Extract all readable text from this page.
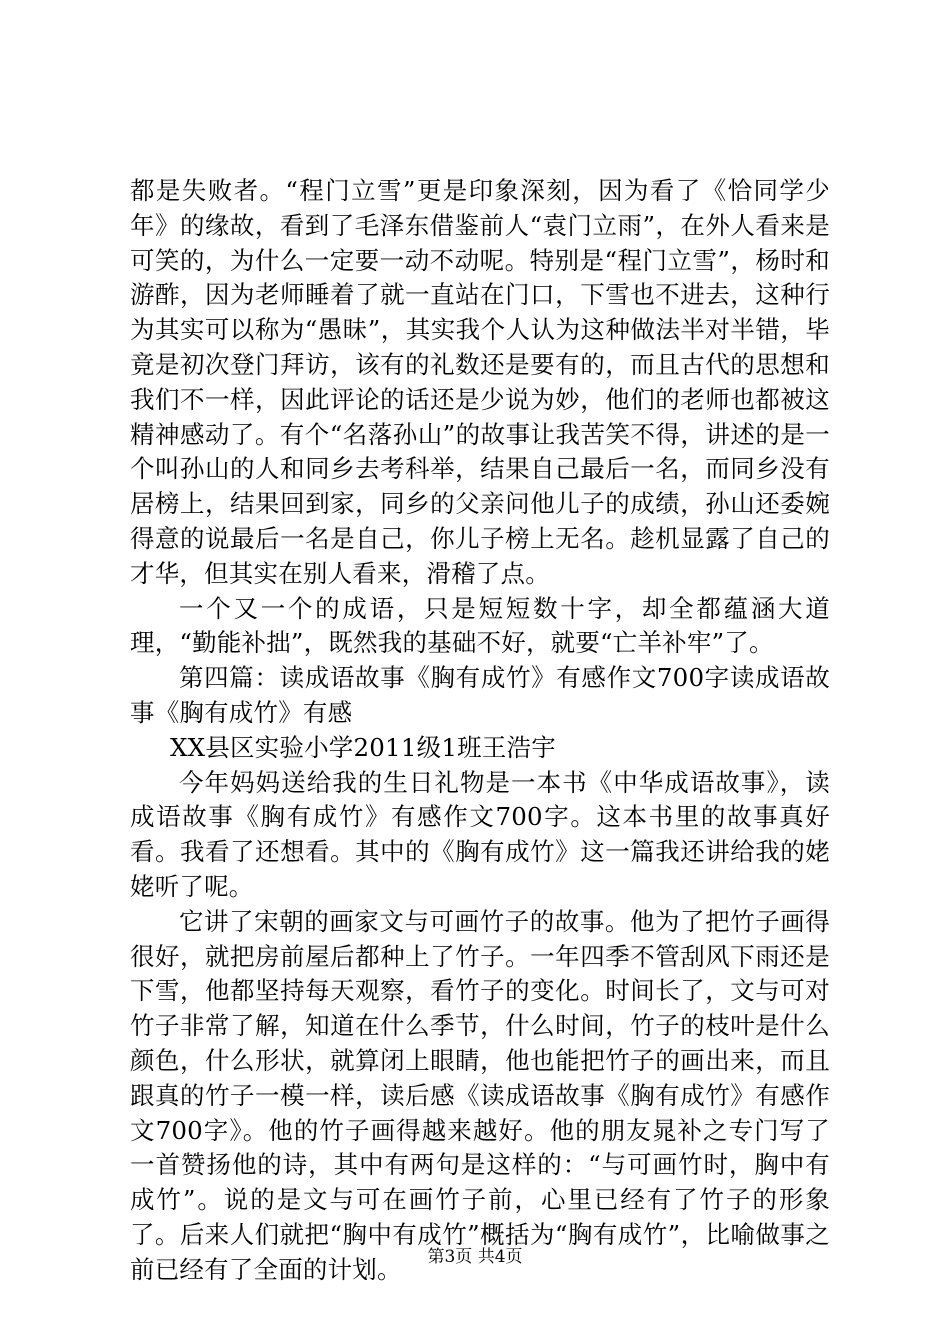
都是失败者。“程门立雪”更是印象深刻，因为看了《恰同学少年》的缘故，看到了毛泽东借鉴前人“袁门立雨”，在外人看来是可笑的，为什么一定要一动不动呢。特别是“程门立雪”，杨时和游酢，因为老师睡着了就一直站在门口，下雪也不进去，这种行为其实可以称为“愚昧”，其实我个人认为这种做法半对半错，毕竟是初次登门拜访，该有的礼数还是要有的，而且古代的思想和我们不一样，因此评论的话还是少说为妙，他们的老师也都被这精神感动了。有个“名落孙山”的故事让我苦笑不得，讲述的是一个叫孙山的人和同乡去考科举，结果自己最后一名，而同乡没有居榜上，结果回到家，同乡的父亲问他儿子的成绩，孙山还委婉得意的说最后一名是自己，你儿子榜上无名。趁机显露了自己的才华，但其实在别人看来，滑稽了点。

一个又一个的成语，只是短短数十字，却全都蕴涵大道理，“勤能补拙”，既然我的基础不好，就要“亡羊补牢”了。

第四篇：读成语故事《胸有成竹》有感作文700字读成语故事《胸有成竹》有感

XX县区实验小学2011级1班王浩宇

今年妈妈送给我的生日礼物是一本书《中华成语故事》，读成语故事《胸有成竹》有感作文700字。这本书里的故事真好看。我看了还想看。其中的《胸有成竹》这一篇我还讲给我的姥姥听了呢。

它讲了宋朝的画家文与可画竹子的故事。他为了把竹子画得很好，就把房前屋后都种上了竹子。一年四季不管刮风下雨还是下雪，他都坚持每天观察，看竹子的变化。时间长了，文与可对竹子非常了解，知道在什么季节，什么时间，竹子的枝叶是什么颜色，什么形状，就算闭上眼睛，他也能把竹子的画出来，而且跟真的竹子一模一样，读后感《读成语故事《胸有成竹》有感作文700字》。他的竹子画得越来越好。他的朋友晁补之专门写了一首赞扬他的诗，其中有两句是这样的：“与可画竹时，胸中有成竹”。说的是文与可在画竹子前，心里已经有了竹子的形象了。后来人们就把“胸中有成竹”概括为“胸有成竹”，比喻做事之前已经有了全面的计划。	第3页 共4页
